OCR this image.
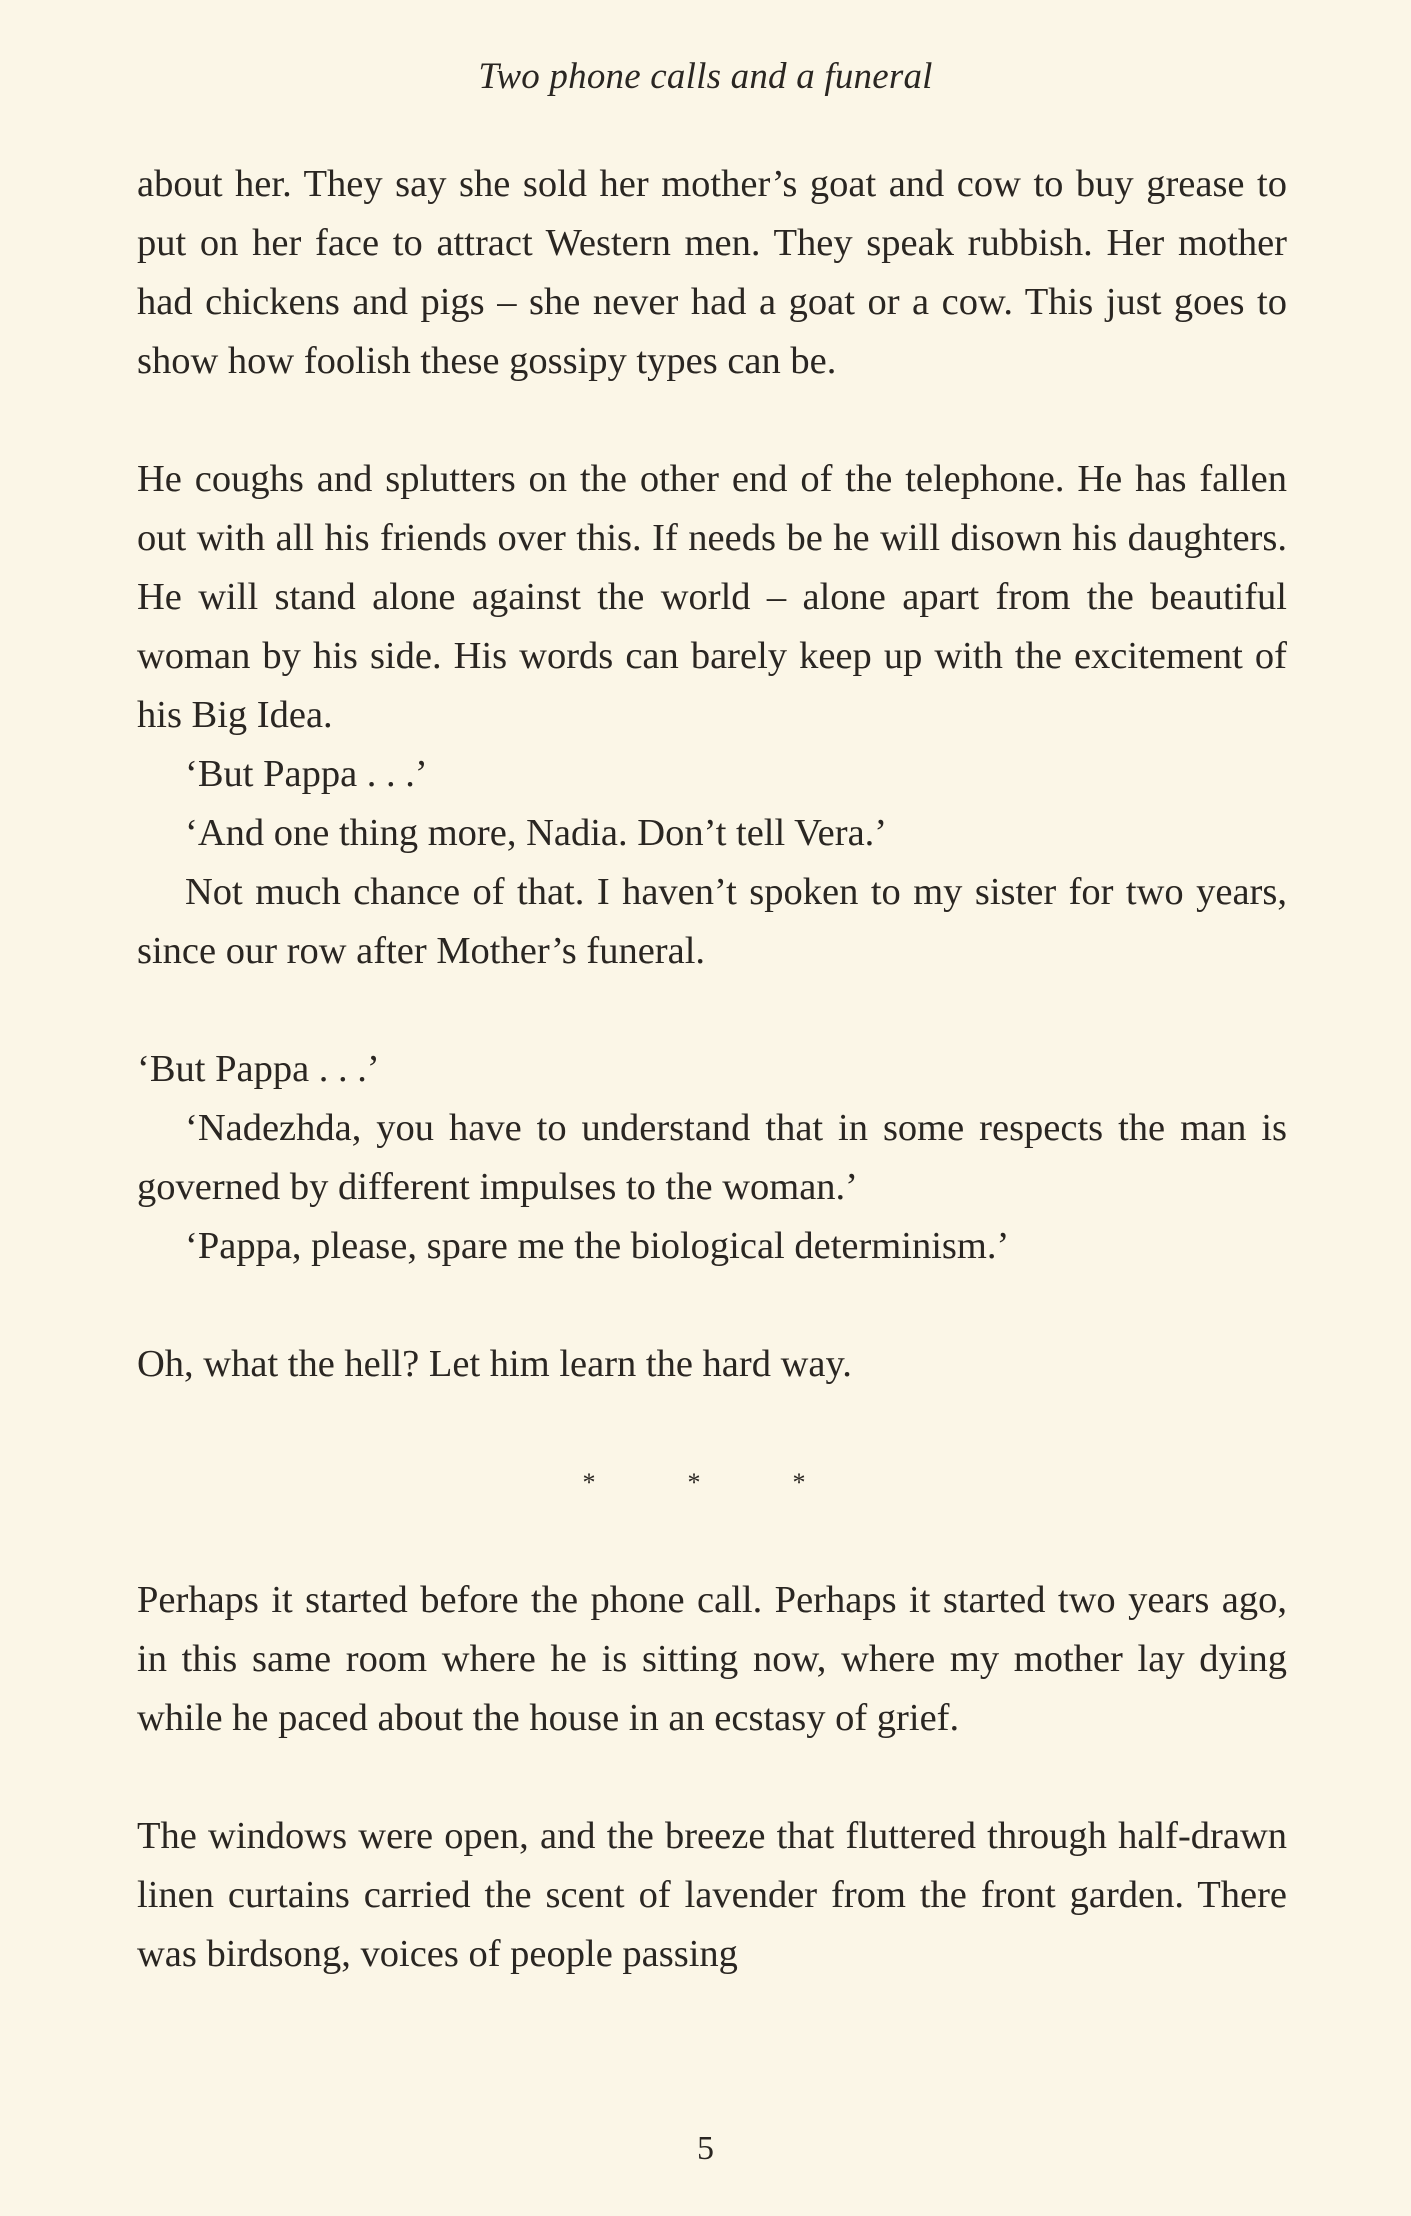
Two phone calls and a funeral

about her. They say she sold her mother’s goat and cow to buy grease to put on her face to attract Western men. They speak rubbish. Her mother had chickens and pigs – she never had a goat or a cow. This just goes to show how foolish these gossipy types can be.

He coughs and splutters on the other end of the telephone. He has fallen out with all his friends over this. If needs be he will disown his daughters. He will stand alone against the world – alone apart from the beautiful woman by his side. His words can barely keep up with the excitement of his Big Idea.

‘But Pappa . . .’

‘And one thing more, Nadia. Don’t tell Vera.’

Not much chance of that. I haven’t spoken to my sister for two years, since our row after Mother’s funeral.

‘But Pappa . . .’

‘Nadezhda, you have to understand that in some respects the man is governed by different impulses to the woman.’

‘Pappa, please, spare me the biological determinism.’

Oh, what the hell? Let him learn the hard way.

*	*	*

Perhaps it started before the phone call. Perhaps it started two years ago, in this same room where he is sitting now, where my mother lay dying while he paced about the house in an ecstasy of grief.

The windows were open, and the breeze that fluttered through half-drawn linen curtains carried the scent of lavender from the front garden. There was birdsong, voices of people passing

5
